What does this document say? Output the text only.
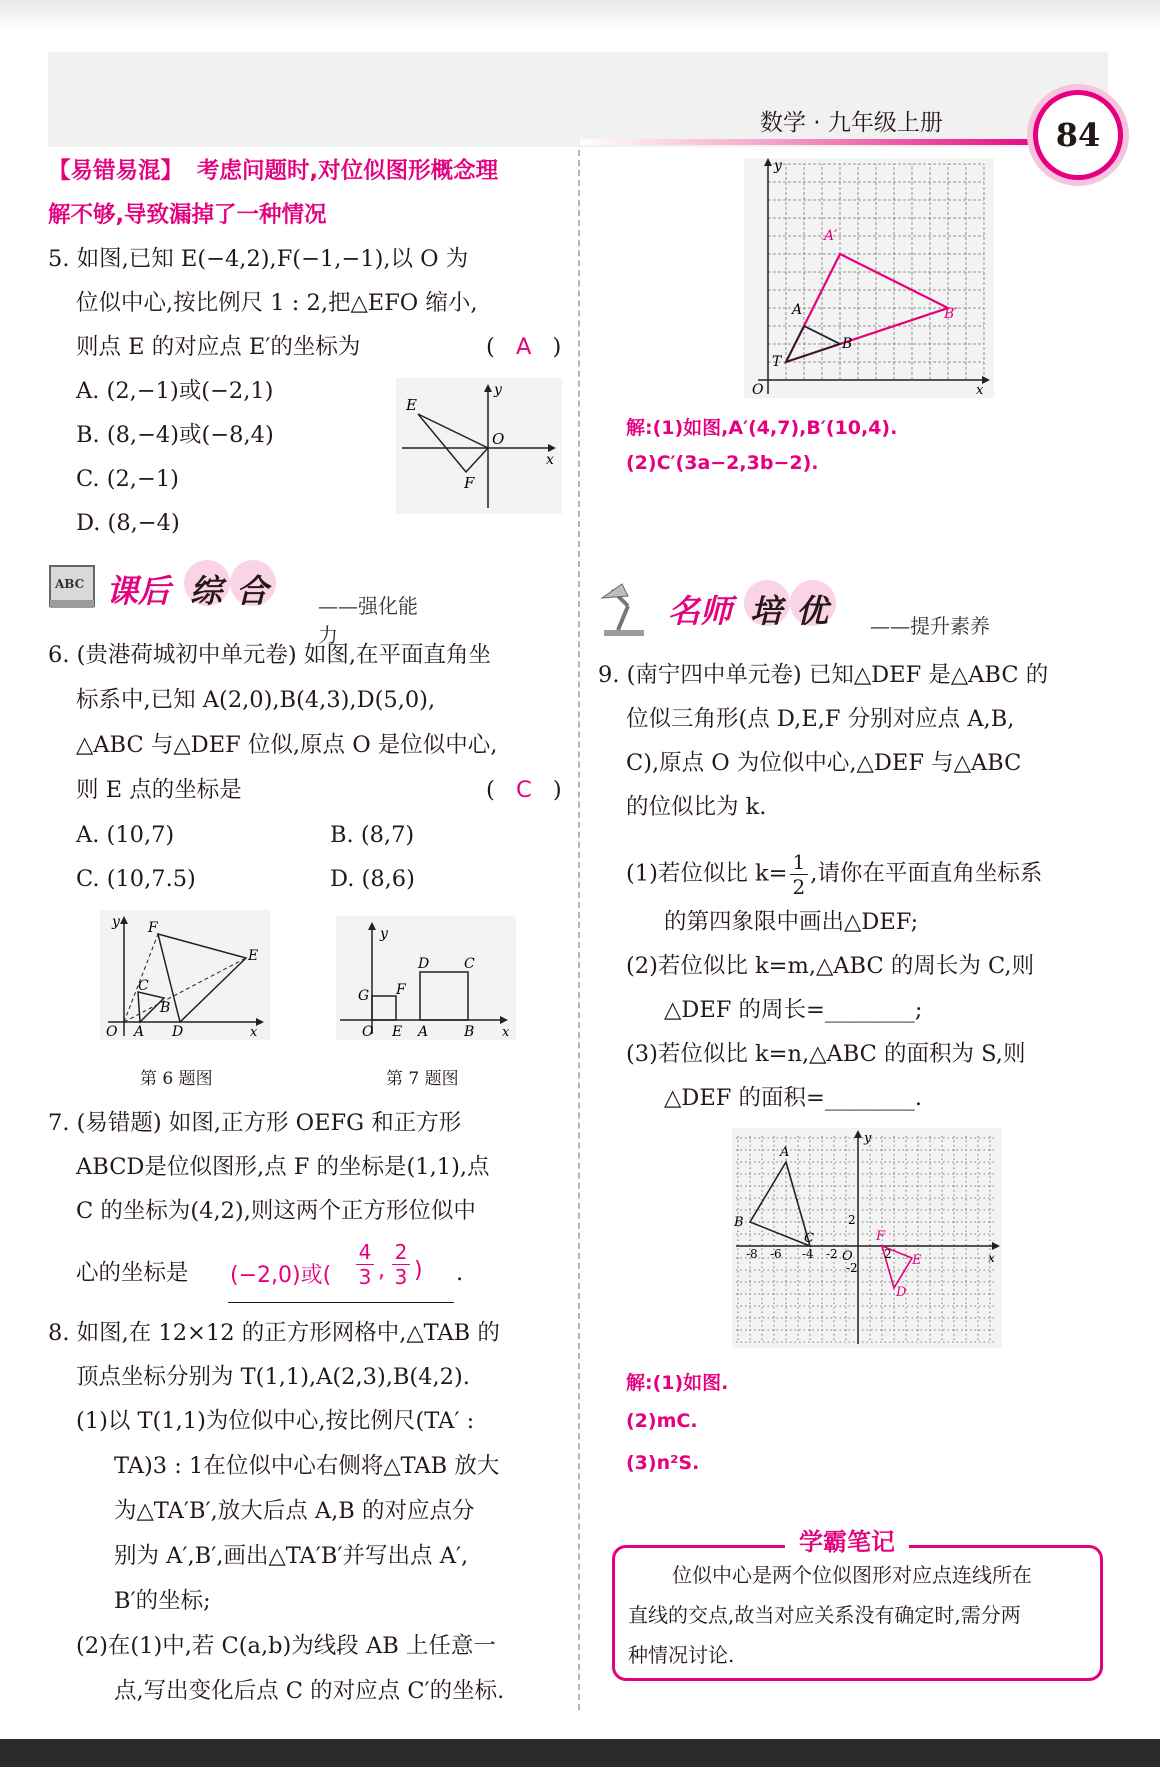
数学 · 九年级上册	84
【易错易混】 考虑问题时,对位似图形概念理
解不够,导致漏掉了一种情况
5. 如图,已知 E(−4,2),F(−1,−1),以 O 为
位似中心,按比例尺 1 : 2,把△EFO 缩小,
则点 E 的对应点 E′的坐标为	( A )
A. (2,−1)或(−2,1)
B. (8,−4)或(−8,4)
C. (2,−1)
D. (8,−4)
E
F
O
x
y
ABC 课后 综 合 ——强化能力
6. (贵港荷城初中单元卷) 如图,在平面直角坐
标系中,已知 A(2,0),B(4,3),D(5,0),
△ABC 与△DEF 位似,原点 O 是位似中心,
则 E 点的坐标是	( C )
A. (10,7)	B. (8,7)
C. (10,7.5)	D. (8,6)
y F
E
C
B
O A D	x
第 6 题图
y
D C
G F
O E A	B x
第 7 题图
7. (易错题) 如图,正方形 OEFG 和正方形
ABCD是位似图形,点 F 的坐标是(1,1),点
C 的坐标为(4,2),则这两个正方形位似中
心的坐标是 (−2,0)或( $\frac{4}{3}$ , $\frac{2}{3}$ ) .
8. 如图,在 12×12 的正方形网格中,△TAB 的
顶点坐标分别为 T(1,1),A(2,3),B(4,2).
(1)以 T(1,1)为位似中心,按比例尺(TA′ :
TA)3 : 1在位似中心右侧将△TAB 放大
为△TA′B′,放大后点 A,B 的对应点分
别为 A′,B′,画出△TA′B′并写出点 A′,
B′的坐标;
(2)在(1)中,若 C(a,b)为线段 AB 上任意一
点,写出变化后点 C 的对应点 C′的坐标.
y
A′
B′
A
B
T
O	x
解:(1)如图,A′(4,7),B′(10,4).
(2)C′(3a−2,3b−2).
名师 培 优 ——提升素养
9. (南宁四中单元卷) 已知△DEF 是△ABC 的
位似三角形(点 D,E,F 分别对应点 A,B,
C),原点 O 为位似中心,△DEF 与△ABC
的位似比为 k.
(1)若位似比 $k= \frac{1}{2}$ ,请你在平面直角坐标系
的第四象限中画出△DEF;
(2)若位似比 k=m,△ABC 的周长为 C,则
△DEF 的周长=________;
(3)若位似比 k=n,△ABC 的面积为 S,则
△DEF 的面积=________.
y
A
B
C	F
E
D
O	x
-8 -6 -4 -2	2
2
-2
解:(1)如图.
(2)mC.
(3)n²S.
学霸笔记
位似中心是两个位似图形对应点连线所在
直线的交点,故当对应关系没有确定时,需分两
种情况讨论.
